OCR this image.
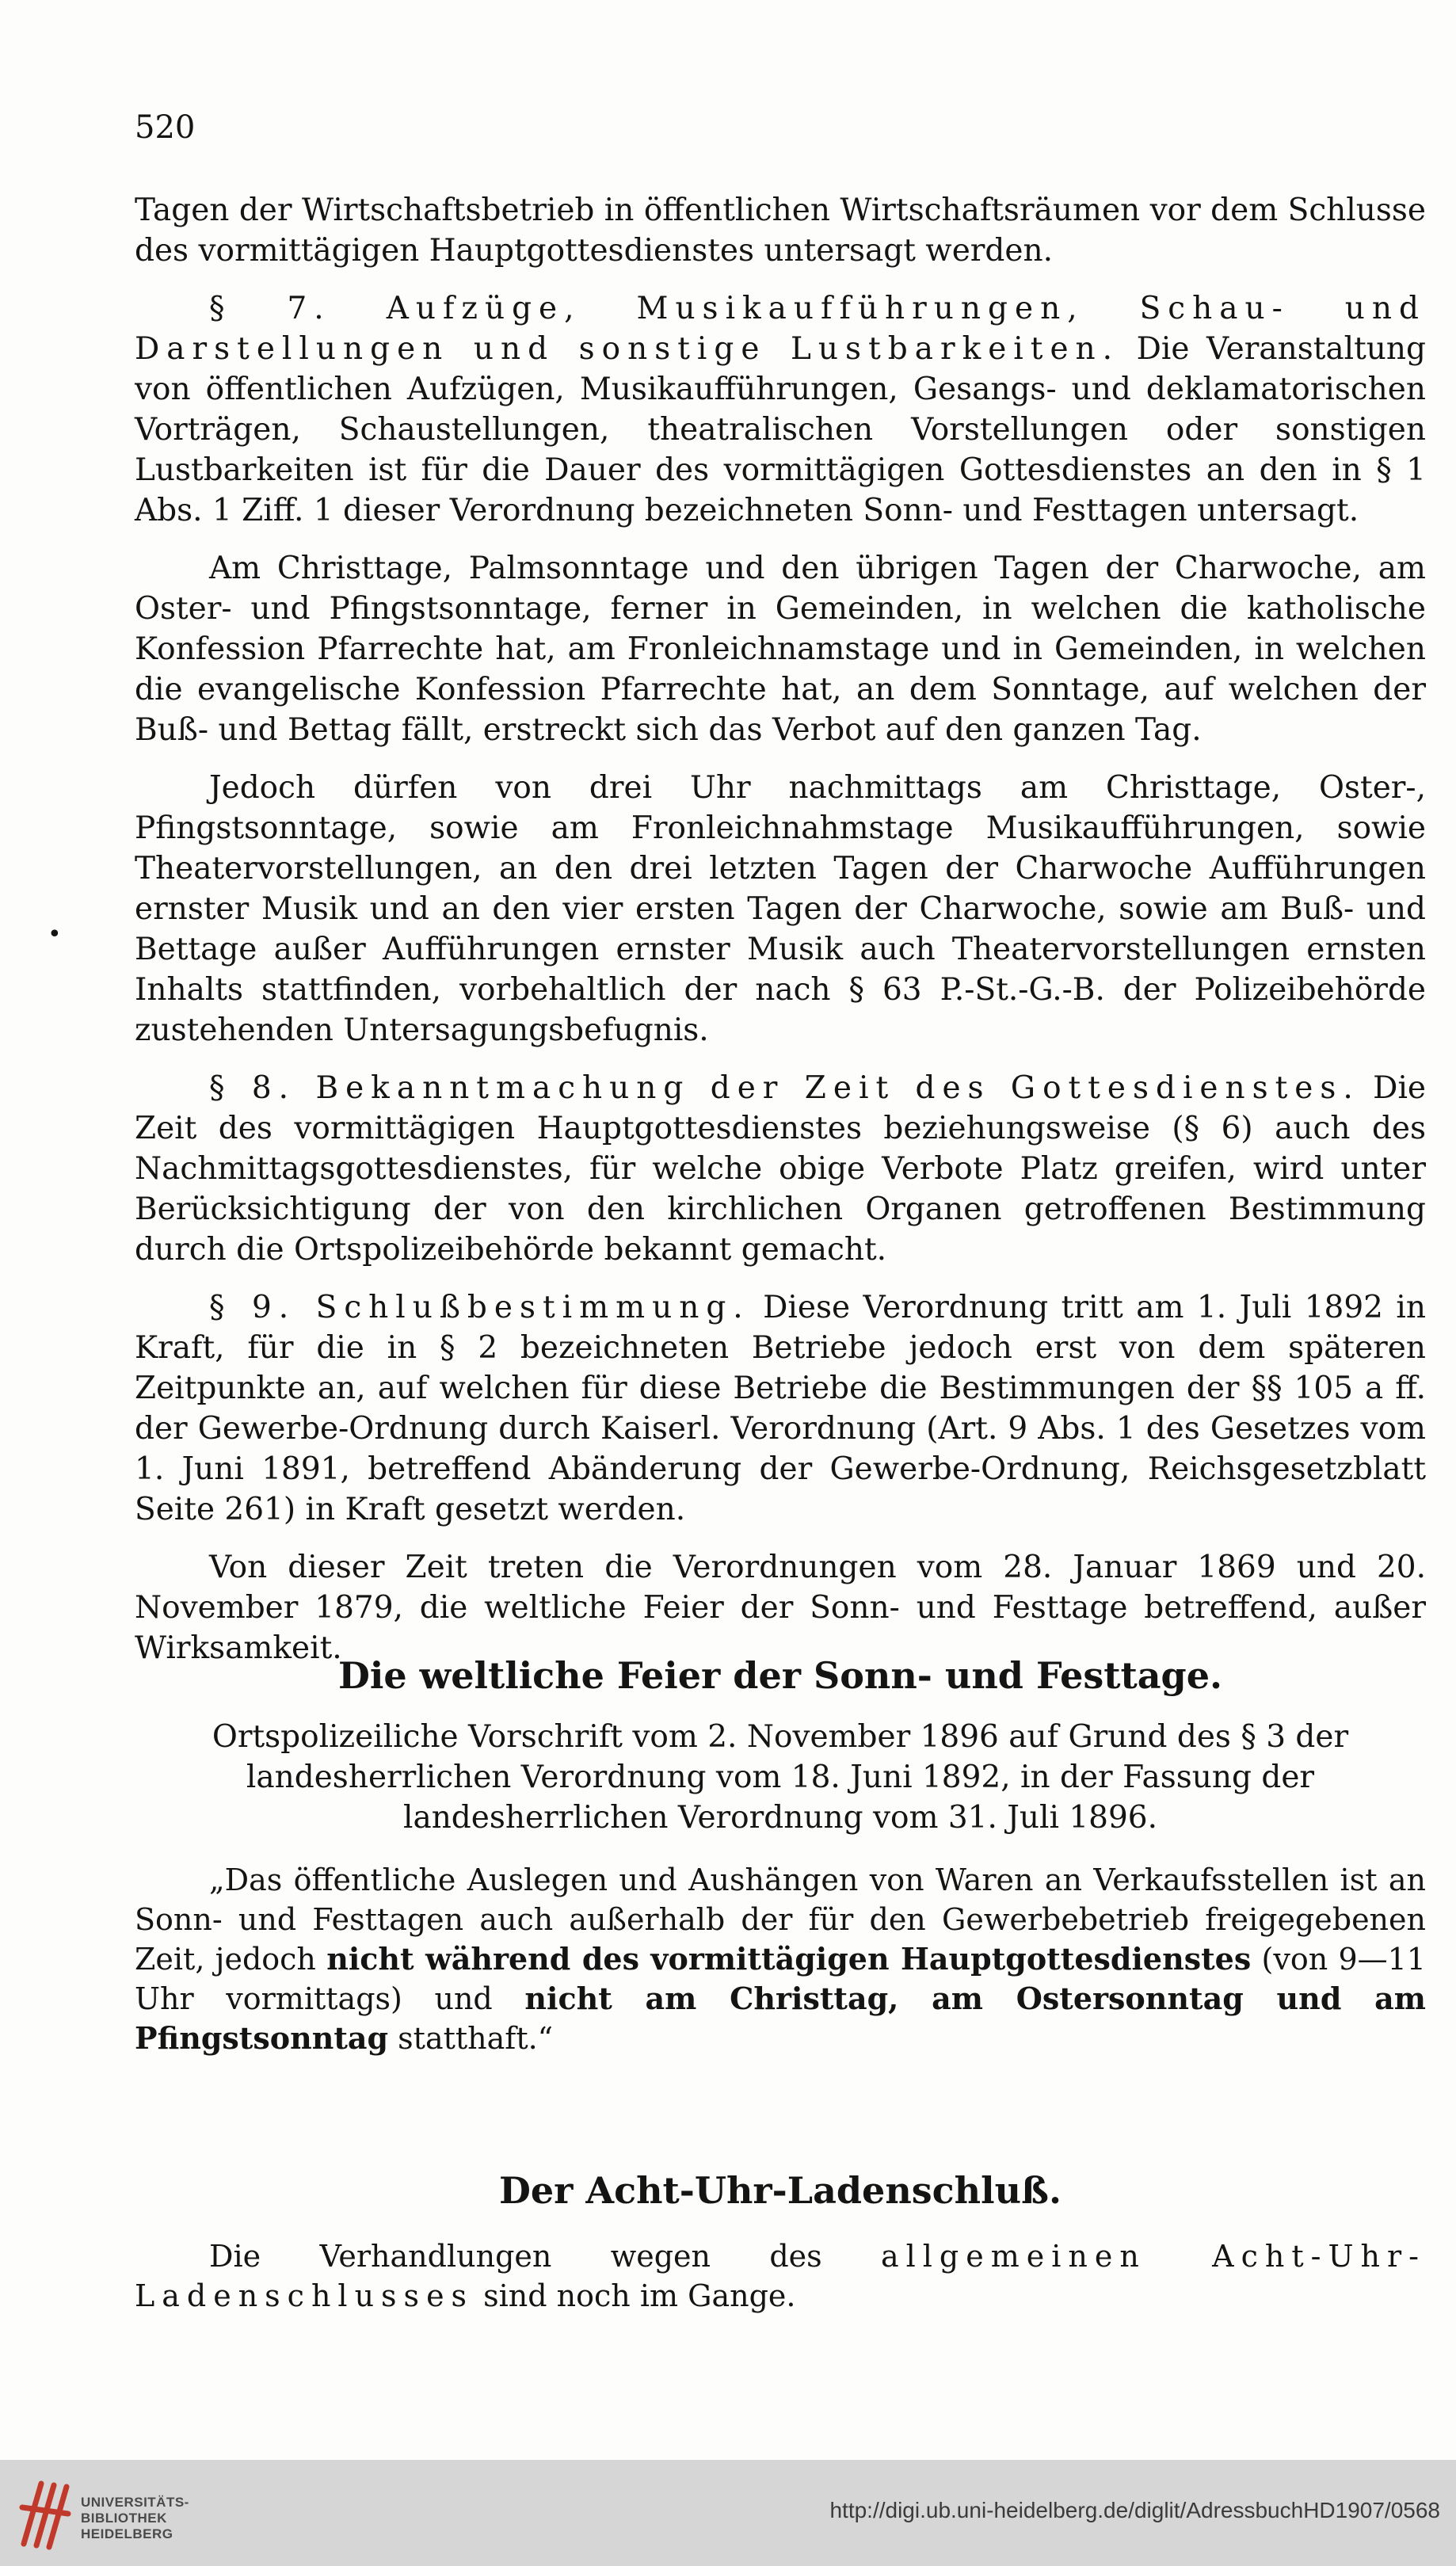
520
•

Tagen der Wirtschaftsbetrieb in öffentlichen Wirtschaftsräumen vor dem Schlusse des vormittägigen Hauptgottesdienstes untersagt werden.

§ 7. Aufzüge, Musikaufführungen, Schau- und Darstellungen und sonstige Lustbarkeiten. Die Veranstaltung von öffentlichen Aufzügen, Musikaufführungen, Gesangs- und deklamatorischen Vorträgen, Schaustellungen, theatralischen Vorstellungen oder sonstigen Lustbarkeiten ist für die Dauer des vormittägigen Gottesdienstes an den in § 1 Abs. 1 Ziff. 1 dieser Verordnung bezeichneten Sonn- und Festtagen untersagt.

Am Christtage, Palmsonntage und den übrigen Tagen der Charwoche, am Oster- und Pfingstsonntage, ferner in Gemeinden, in welchen die katholische Konfession Pfarrechte hat, am Fronleichnamstage und in Gemeinden, in welchen die evangelische Konfession Pfarrechte hat, an dem Sonntage, auf welchen der Buß- und Bettag fällt, erstreckt sich das Verbot auf den ganzen Tag.

Jedoch dürfen von drei Uhr nachmittags am Christtage, Oster-, Pfingstsonntage, sowie am Fronleichnahmstage Musikaufführungen, sowie Theatervorstellungen, an den drei letzten Tagen der Charwoche Aufführungen ernster Musik und an den vier ersten Tagen der Charwoche, sowie am Buß- und Bettage außer Aufführungen ernster Musik auch Theatervorstellungen ernsten Inhalts stattfinden, vorbehaltlich der nach § 63 P.-St.-G.-B. der Polizeibehörde zustehenden Untersagungsbefugnis.

§ 8. Bekanntmachung der Zeit des Gottesdienstes. Die Zeit des vormittägigen Hauptgottesdienstes beziehungsweise (§ 6) auch des Nachmittagsgottesdienstes, für welche obige Verbote Platz greifen, wird unter Berücksichtigung der von den kirchlichen Organen getroffenen Bestimmung durch die Ortspolizeibehörde bekannt gemacht.

§ 9. Schlußbestimmung. Diese Verordnung tritt am 1. Juli 1892 in Kraft, für die in § 2 bezeichneten Betriebe jedoch erst von dem späteren Zeitpunkte an, auf welchen für diese Betriebe die Bestimmungen der §§ 105 a ff. der Gewerbe-Ordnung durch Kaiserl. Verordnung (Art. 9 Abs. 1 des Gesetzes vom 1. Juni 1891, betreffend Abänderung der Gewerbe-Ordnung, Reichsgesetzblatt Seite 261) in Kraft gesetzt werden.

Von dieser Zeit treten die Verordnungen vom 28. Januar 1869 und 20. November 1879, die weltliche Feier der Sonn- und Festtage betreffend, außer Wirksamkeit.

Die weltliche Feier der Sonn- und Festtage.

Ortspolizeiliche Vorschrift vom 2. November 1896 auf Grund des § 3 der landesherrlichen Verordnung vom 18. Juni 1892, in der Fassung der landesherrlichen Verordnung vom 31. Juli 1896.

„Das öffentliche Auslegen und Aushängen von Waren an Verkaufsstellen ist an Sonn- und Festtagen auch außerhalb der für den Gewerbebetrieb freigegebenen Zeit, jedoch nicht während des vormittägigen Hauptgottesdienstes (von 9—11 Uhr vormittags) und nicht am Christtag, am Ostersonntag und am Pfingstsonntag statthaft.“

Der Acht-Uhr-Ladenschluß.

Die Verhandlungen wegen des allgemeinen Acht-Uhr-Ladenschlusses sind noch im Gange.

UNIVERSITÄTS-
BIBLIOTHEK
HEIDELBERG
http://digi.ub.uni-heidelberg.de/diglit/AdressbuchHD1907/0568
